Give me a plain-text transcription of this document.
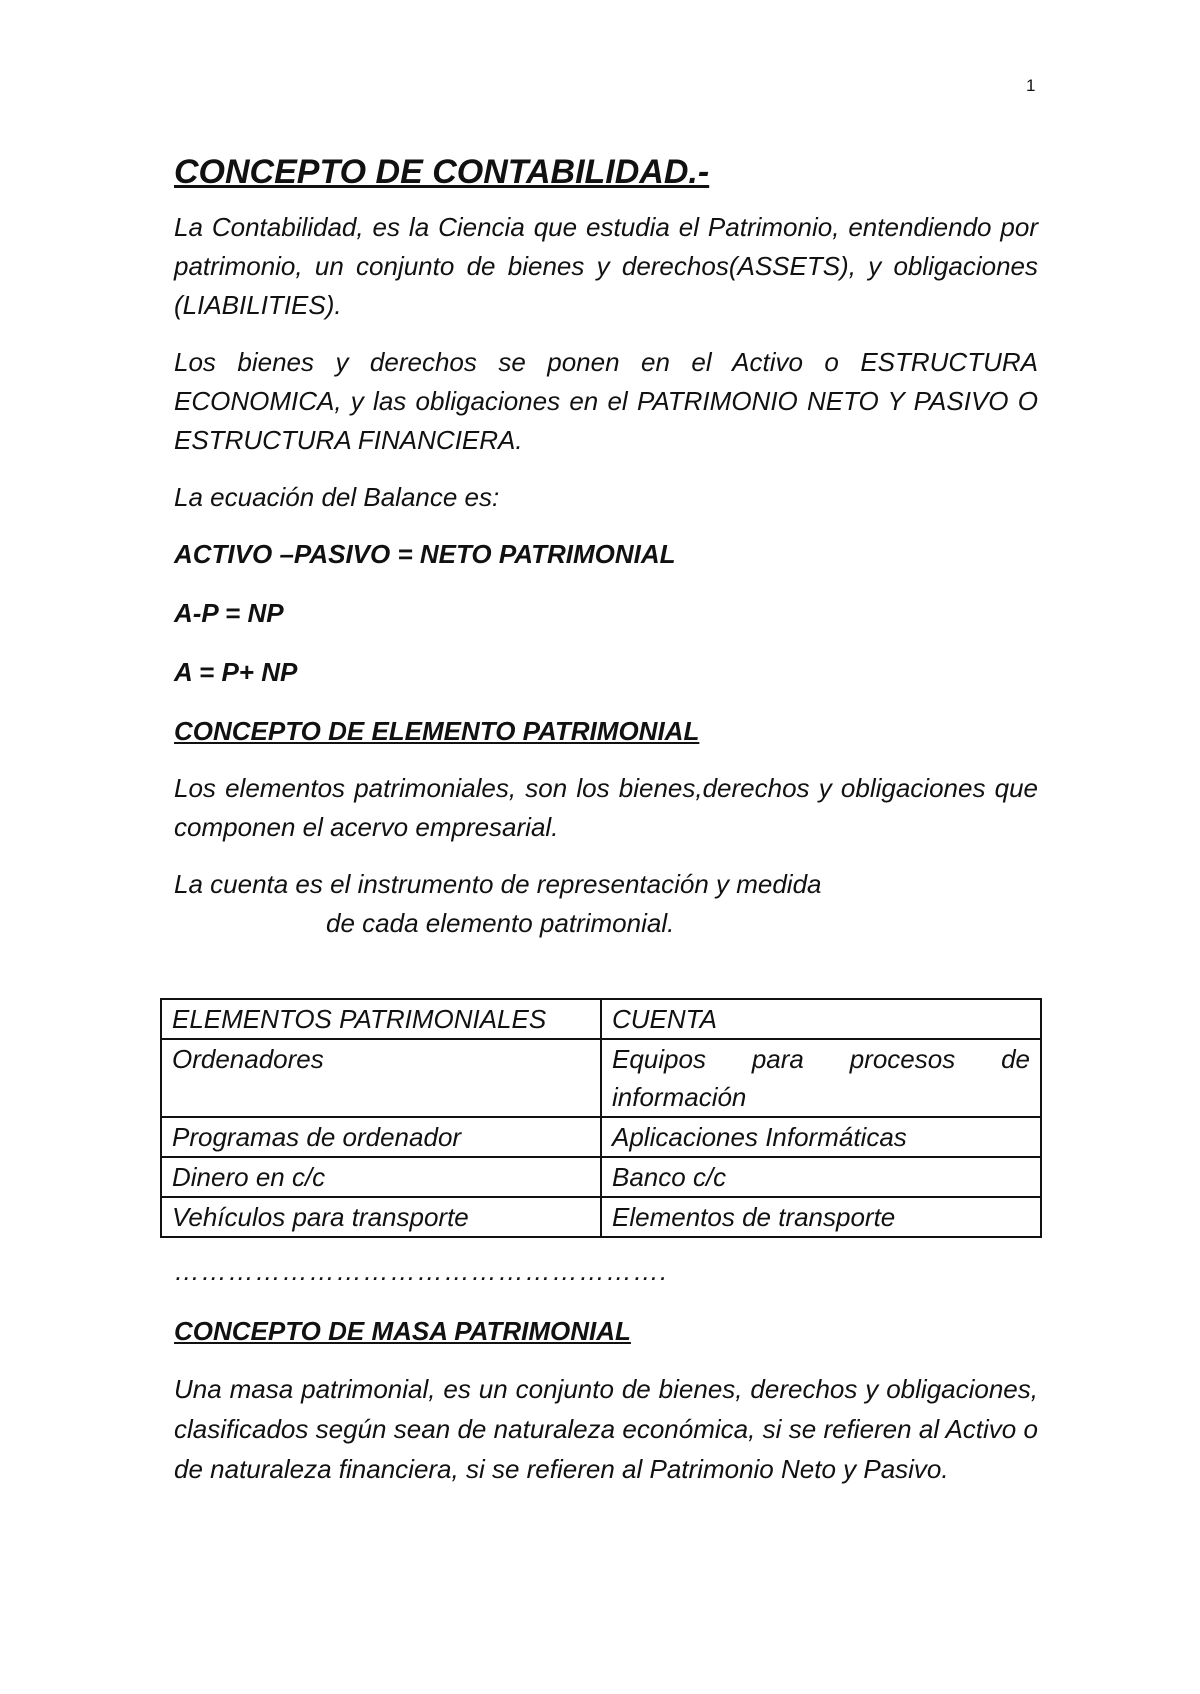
1
CONCEPTO DE CONTABILIDAD.-

La Contabilidad, es la Ciencia que estudia el Patrimonio, entendiendo por patrimonio, un conjunto de bienes y derechos(ASSETS), y obligaciones (LIABILITIES).

Los bienes y derechos se ponen en el Activo o ESTRUCTURA ECONOMICA, y las obligaciones en el PATRIMONIO NETO Y PASIVO O ESTRUCTURA FINANCIERA.

La ecuación del Balance es:

ACTIVO –PASIVO = NETO PATRIMONIAL

A-P = NP

A = P+ NP

CONCEPTO DE ELEMENTO PATRIMONIAL

Los elementos patrimoniales, son los bienes,derechos y obligaciones que componen el acervo empresarial.

La cuenta es el instrumento de representación y medida
de cada elemento patrimonial.

ELEMENTOS PATRIMONIALES	CUENTA
Ordenadores	Equipos para procesos de información
Programas de ordenador	Aplicaciones Informáticas
Dinero en c/c	Banco c/c
Vehículos para transporte	Elementos de transporte
……………………………………………….
CONCEPTO DE MASA PATRIMONIAL

Una masa patrimonial, es un conjunto de bienes, derechos y obligaciones, clasificados según sean de naturaleza económica, si se refieren al Activo o de naturaleza financiera, si se refieren al Patrimonio Neto y Pasivo.
